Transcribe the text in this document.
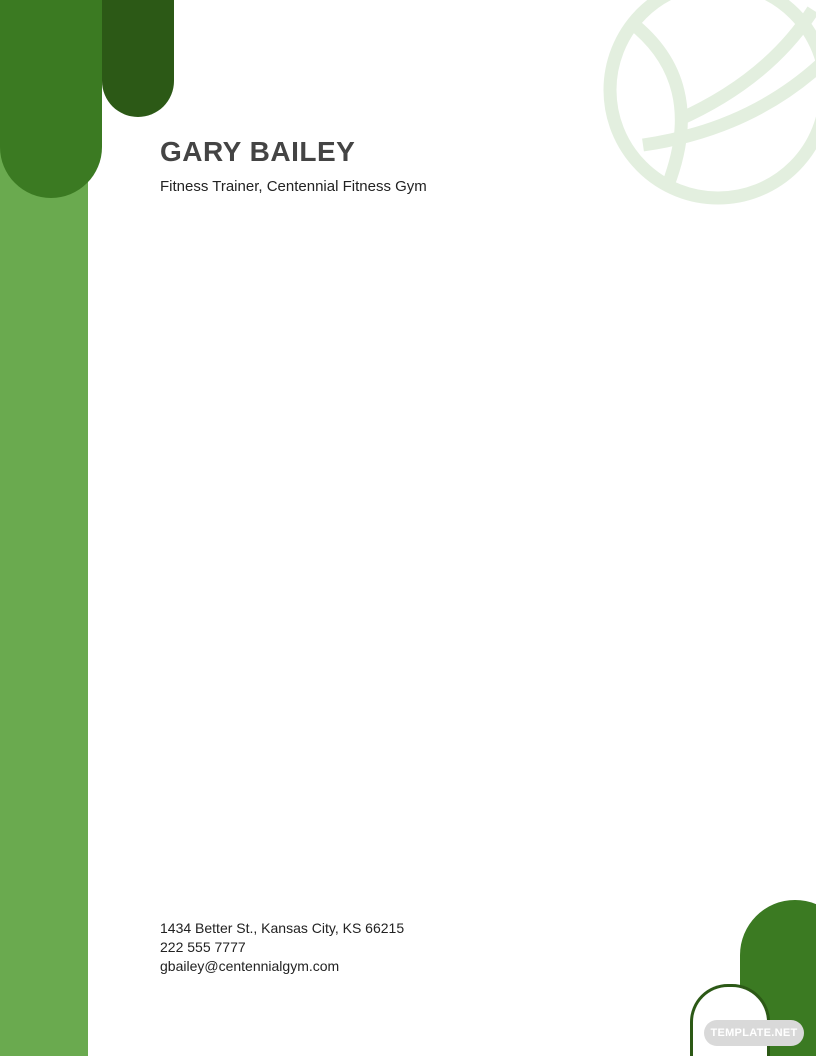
GARY BAILEY

Fitness Trainer, Centennial Fitness Gym

1434 Better St., Kansas City, KS 66215
222 555 7777
gbailey@centennialgym.com
TEMPLATE.NET
